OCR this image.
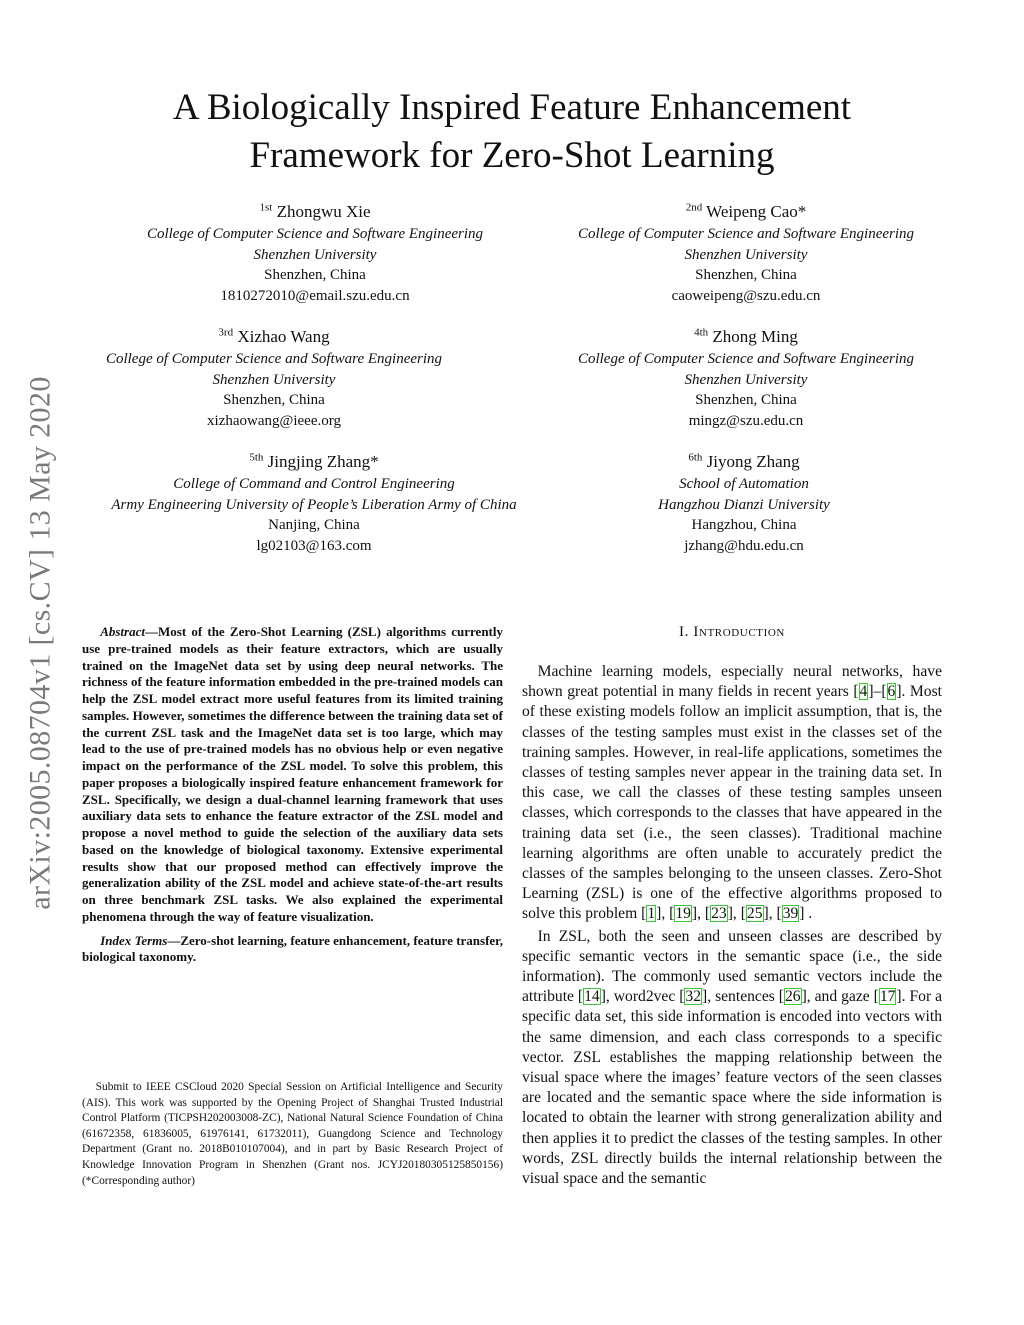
arXiv:2005.08704v1 [cs.CV] 13 May 2020
A Biologically Inspired Feature Enhancement Framework for Zero-Shot Learning
$^{1st}$ Zhongwu Xie
College of Computer Science and Software Engineering
Shenzhen University
Shenzhen, China
1810272010@email.szu.edu.cn
$^{2nd}$ Weipeng Cao*
College of Computer Science and Software Engineering
Shenzhen University
Shenzhen, China
caoweipeng@szu.edu.cn
$^{3rd}$ Xizhao Wang
College of Computer Science and Software Engineering
Shenzhen University
Shenzhen, China
xizhaowang@ieee.org
$^{4th}$ Zhong Ming
College of Computer Science and Software Engineering
Shenzhen University
Shenzhen, China
mingz@szu.edu.cn
$^{5th}$ Jingjing Zhang*
College of Command and Control Engineering
Army Engineering University of People’s Liberation Army of China
Nanjing, China
lg02103@163.com
$^{6th}$ Jiyong Zhang
School of Automation
Hangzhou Dianzi University
Hangzhou, China
jzhang@hdu.edu.cn

Abstract—Most of the Zero-Shot Learning (ZSL) algorithms currently use pre-trained models as their feature extractors, which are usually trained on the ImageNet data set by using deep neural networks. The richness of the feature information embedded in the pre-trained models can help the ZSL model extract more useful features from its limited training samples. However, sometimes the difference between the training data set of the current ZSL task and the ImageNet data set is too large, which may lead to the use of pre-trained models has no obvious help or even negative impact on the performance of the ZSL model. To solve this problem, this paper proposes a biologically inspired feature enhancement framework for ZSL. Specifically, we design a dual-channel learning framework that uses auxiliary data sets to enhance the feature extractor of the ZSL model and propose a novel method to guide the selection of the auxiliary data sets based on the knowledge of biological taxonomy. Extensive experimental results show that our proposed method can effectively improve the generalization ability of the ZSL model and achieve state-of-the-art results on three benchmark ZSL tasks. We also explained the experimental phenomena through the way of feature visualization.

Index Terms—Zero-shot learning, feature enhancement, feature transfer, biological taxonomy.

Submit to IEEE CSCloud 2020 Special Session on Artificial Intelligence and Security (AIS). This work was supported by the Opening Project of Shanghai Trusted Industrial Control Platform (TICPSH202003008-ZC), National Natural Science Foundation of China (61672358, 61836005, 61976141, 61732011), Guangdong Science and Technology Department (Grant no. 2018B010107004), and in part by Basic Research Project of Knowledge Innovation Program in Shenzhen (Grant nos. JCYJ20180305125850156) (*Corresponding author)

I. Introduction

Machine learning models, especially neural networks, have shown great potential in many fields in recent years [4]–[6]. Most of these existing models follow an implicit assumption, that is, the classes of the testing samples must exist in the classes set of the training samples. However, in real-life applications, sometimes the classes of testing samples never appear in the training data set. In this case, we call the classes of these testing samples unseen classes, which corresponds to the classes that have appeared in the training data set (i.e., the seen classes). Traditional machine learning algorithms are often unable to accurately predict the classes of the samples belonging to the unseen classes. Zero-Shot Learning (ZSL) is one of the effective algorithms proposed to solve this problem [1], [19], [23], [25], [39] .

In ZSL, both the seen and unseen classes are described by specific semantic vectors in the semantic space (i.e., the side information). The commonly used semantic vectors include the attribute [14], word2vec [32], sentences [26], and gaze [17]. For a specific data set, this side information is encoded into vectors with the same dimension, and each class corresponds to a specific vector. ZSL establishes the mapping relationship between the visual space where the images’ feature vectors of the seen classes are located and the semantic space where the side information is located to obtain the learner with strong generalization ability and then applies it to predict the classes of the testing samples. In other words, ZSL directly builds the internal relationship between the visual space and the semantic
